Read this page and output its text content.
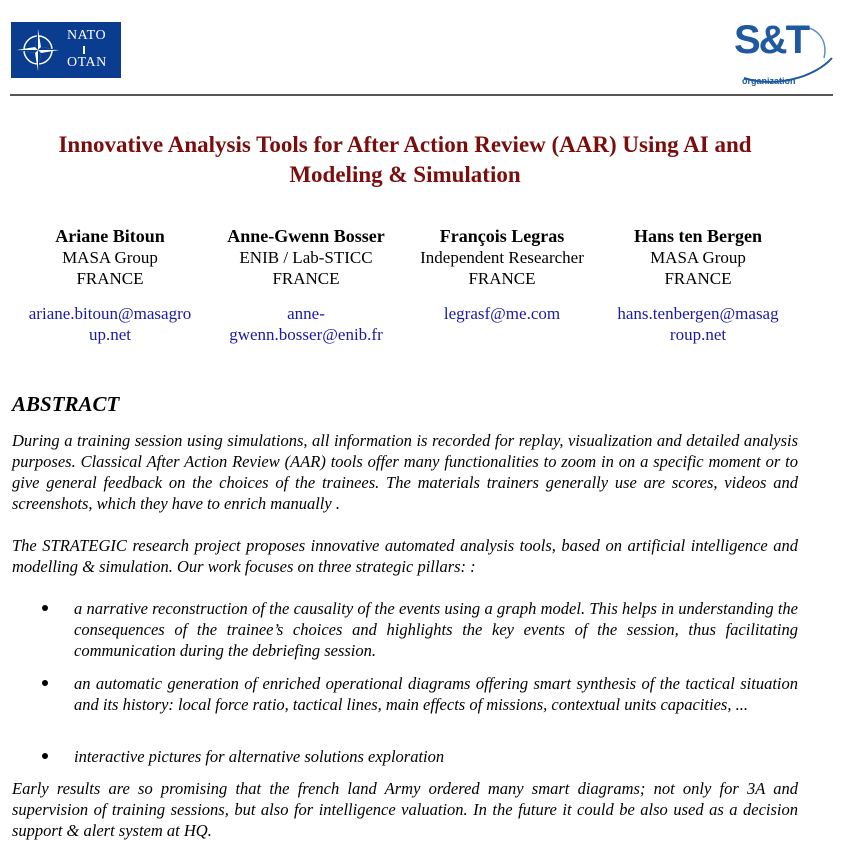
NATO
OTAN
S&T
organization
Innovative Analysis Tools for After Action Review (AAR) Using AI and
Modeling & Simulation
Ariane Bitoun
MASA Group
FRANCE
ariane.bitoun@masagro
up.net
Anne-Gwenn Bosser
ENIB / Lab-STICC
FRANCE
anne-
gwenn.bosser@enib.fr
François Legras
Independent Researcher
FRANCE
legrasf@me.com
Hans ten Bergen
MASA Group
FRANCE
hans.tenbergen@masag
roup.net
ABSTRACT
During a training session using simulations, all information is recorded for replay, visualization and detailed analysis purposes. Classical After Action Review (AAR) tools offer many functionalities to zoom in on a specific moment or to give general feedback on the choices of the trainees. The materials trainers generally use are scores, videos and screenshots, which they have to enrich manually .
The STRATEGIC research project proposes innovative automated analysis tools, based on artificial intelligence and modelling & simulation. Our work focuses on three strategic pillars: :
a narrative reconstruction of the causality of the events using a graph model. This helps in understanding the consequences of the trainee’s choices and highlights the key events of the session, thus facilitating communication during the debriefing session.
an automatic generation of enriched operational diagrams offering smart synthesis of the tactical situation and its history: local force ratio, tactical lines, main effects of missions, contextual units capacities, ...
interactive pictures for alternative solutions exploration
Early results are so promising that the french land Army ordered many smart diagrams; not only for 3A and supervision of training sessions, but also for intelligence valuation. In the future it could be also used as a decision support & alert system at HQ.
